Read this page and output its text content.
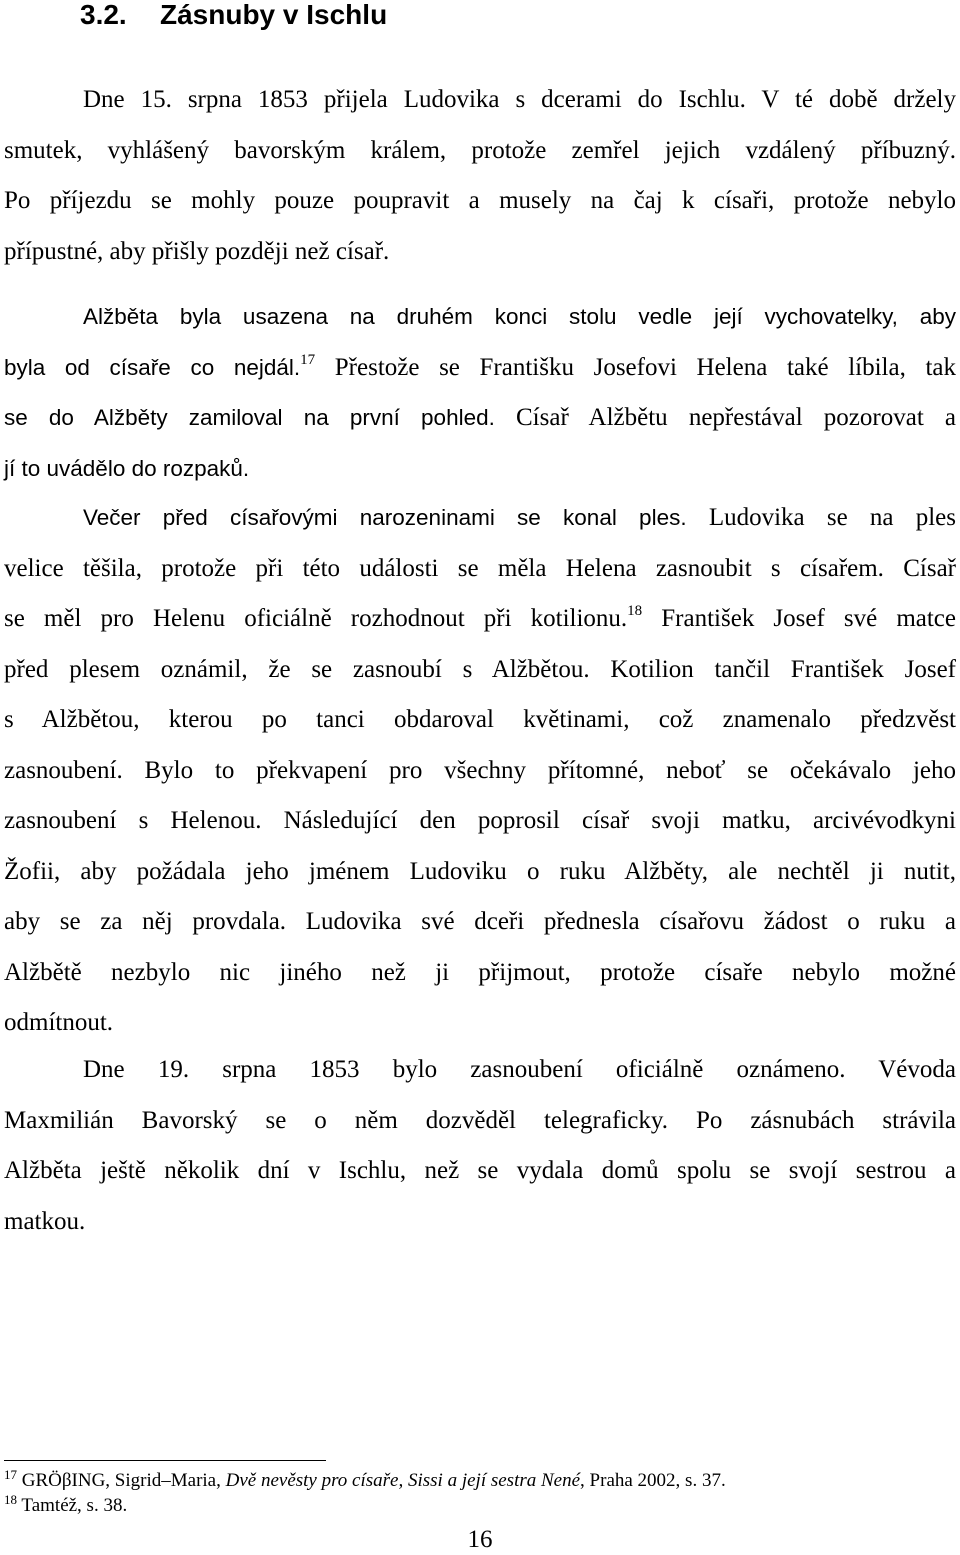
3.2. Zásnuby v Ischlu
Dne 15. srpna 1853 přijela Ludovika s dcerami do Ischlu. V té době držely
smutek, vyhlášený bavorským králem, protože zemřel jejich vzdálený příbuzný.
Po příjezdu se mohly pouze poupravit a musely na čaj k císaři, protože nebylo
přípustné, aby přišly později než císař.
Alžběta byla usazena na druhém konci stolu vedle její vychovatelky, aby
byla od císaře co nejdál.$^{17}$ Přestože se Františku Josefovi Helena také líbila, tak
se do Alžběty zamiloval na první pohled. Císař Alžbětu nepřestával pozorovat a
jí to uvádělo do rozpaků.
Večer před císařovými narozeninami se konal ples. Ludovika se na ples
velice těšila, protože při této události se měla Helena zasnoubit s císařem. Císař
se měl pro Helenu oficiálně rozhodnout při kotilionu.$^{18}$ František Josef své matce
před plesem oznámil, že se zasnoubí s Alžbětou. Kotilion tančil František Josef
s Alžbětou, kterou po tanci obdaroval květinami, což znamenalo předzvěst
zasnoubení. Bylo to překvapení pro všechny přítomné, neboť se očekávalo jeho
zasnoubení s Helenou. Následující den poprosil císař svoji matku, arcivévodkyni
Žofii, aby požádala jeho jménem Ludoviku o ruku Alžběty, ale nechtěl ji nutit,
aby se za něj provdala. Ludovika své dceři přednesla císařovu žádost o ruku a
Alžbětě nezbylo nic jiného než ji přijmout, protože císaře nebylo možné
odmítnout.
Dne 19. srpna 1853 bylo zasnoubení oficiálně oznámeno. Vévoda
Maxmilián Bavorský se o něm dozvěděl telegraficky. Po zásnubách strávila
Alžběta ještě několik dní v Ischlu, než se vydala domů spolu se svojí sestrou a
matkou.
$^{17}$ GRÖβING, Sigrid–Maria, Dvě nevěsty pro císaře, Sissi a její sestra Nené, Praha 2002, s. 37.
$^{18}$ Tamtéž, s. 38.
16
